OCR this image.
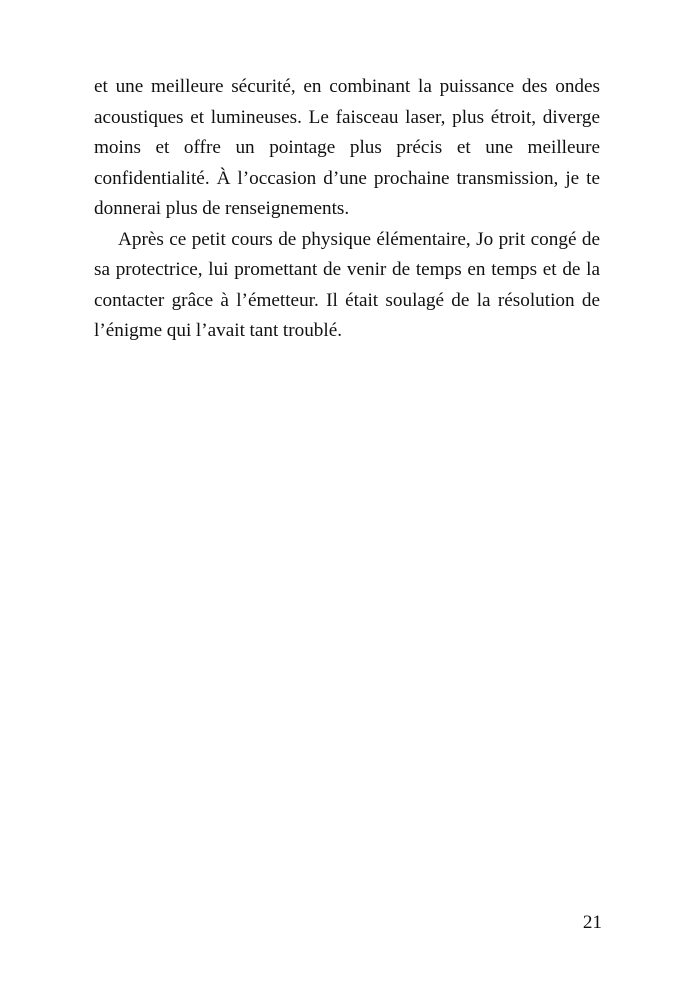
et une meilleure sécurité, en combinant la puissance des ondes acoustiques et lumineuses. Le faisceau laser, plus étroit, diverge moins et offre un pointage plus précis et une meilleure confidentialité. À l’occasion d’une prochaine transmission, je te donnerai plus de renseignements.

Après ce petit cours de physique élémentaire, Jo prit congé de sa protectrice, lui promettant de venir de temps en temps et de la contacter grâce à l’émetteur. Il était soulagé de la résolution de l’énigme qui l’avait tant troublé.

21
